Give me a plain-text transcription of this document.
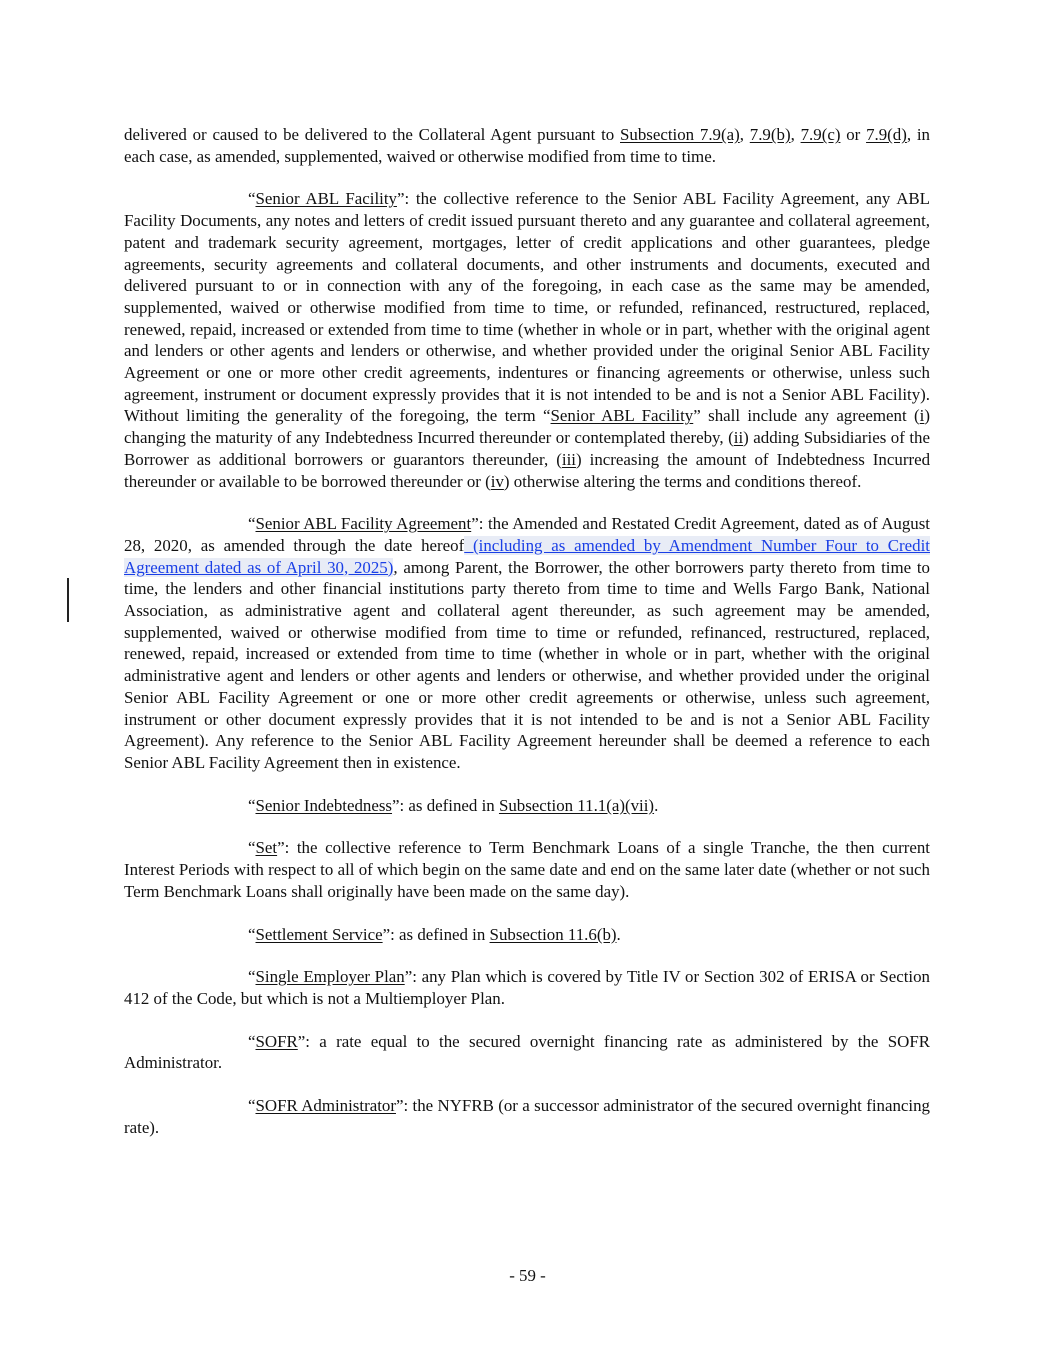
delivered or caused to be delivered to the Collateral Agent pursuant to Subsection 7.9(a), 7.9(b), 7.9(c) or 7.9(d), in each case, as amended, supplemented, waived or otherwise modified from time to time.

“Senior ABL Facility”: the collective reference to the Senior ABL Facility Agreement, any ABL Facility Documents, any notes and letters of credit issued pursuant thereto and any guarantee and collateral agreement, patent and trademark security agreement, mortgages, letter of credit applications and other guarantees, pledge agreements, security agreements and collateral documents, and other instruments and documents, executed and delivered pursuant to or in connection with any of the foregoing, in each case as the same may be amended, supplemented, waived or otherwise modified from time to time, or refunded, refinanced, restructured, replaced, renewed, repaid, increased or extended from time to time (whether in whole or in part, whether with the original agent and lenders or other agents and lenders or otherwise, and whether provided under the original Senior ABL Facility Agreement or one or more other credit agreements, indentures or financing agreements or otherwise, unless such agreement, instrument or document expressly provides that it is not intended to be and is not a Senior ABL Facility). Without limiting the generality of the foregoing, the term “Senior ABL Facility” shall include any agreement (i) changing the maturity of any Indebtedness Incurred thereunder or contemplated thereby, (ii) adding Subsidiaries of the Borrower as additional borrowers or guarantors thereunder, (iii) increasing the amount of Indebtedness Incurred thereunder or available to be borrowed thereunder or (iv) otherwise altering the terms and conditions thereof.

“Senior ABL Facility Agreement”: the Amended and Restated Credit Agreement, dated as of August 28, 2020, as amended through the date hereof (including as amended by Amendment Number Four to Credit Agreement dated as of April 30, 2025), among Parent, the Borrower, the other borrowers party thereto from time to time, the lenders and other financial institutions party thereto from time to time and Wells Fargo Bank, National Association, as administrative agent and collateral agent thereunder, as such agreement may be amended, supplemented, waived or otherwise modified from time to time or refunded, refinanced, restructured, replaced, renewed, repaid, increased or extended from time to time (whether in whole or in part, whether with the original administrative agent and lenders or other agents and lenders or otherwise, and whether provided under the original Senior ABL Facility Agreement or one or more other credit agreements or otherwise, unless such agreement, instrument or other document expressly provides that it is not intended to be and is not a Senior ABL Facility Agreement). Any reference to the Senior ABL Facility Agreement hereunder shall be deemed a reference to each Senior ABL Facility Agreement then in existence.

“Senior Indebtedness”: as defined in Subsection 11.1(a)(vii).

“Set”: the collective reference to Term Benchmark Loans of a single Tranche, the then current Interest Periods with respect to all of which begin on the same date and end on the same later date (whether or not such Term Benchmark Loans shall originally have been made on the same day).

“Settlement Service”: as defined in Subsection 11.6(b).

“Single Employer Plan”: any Plan which is covered by Title IV or Section 302 of ERISA or Section 412 of the Code, but which is not a Multiemployer Plan.

“SOFR”: a rate equal to the secured overnight financing rate as administered by the SOFR Administrator.

“SOFR Administrator”: the NYFRB (or a successor administrator of the secured overnight financing rate).

- 59 -
